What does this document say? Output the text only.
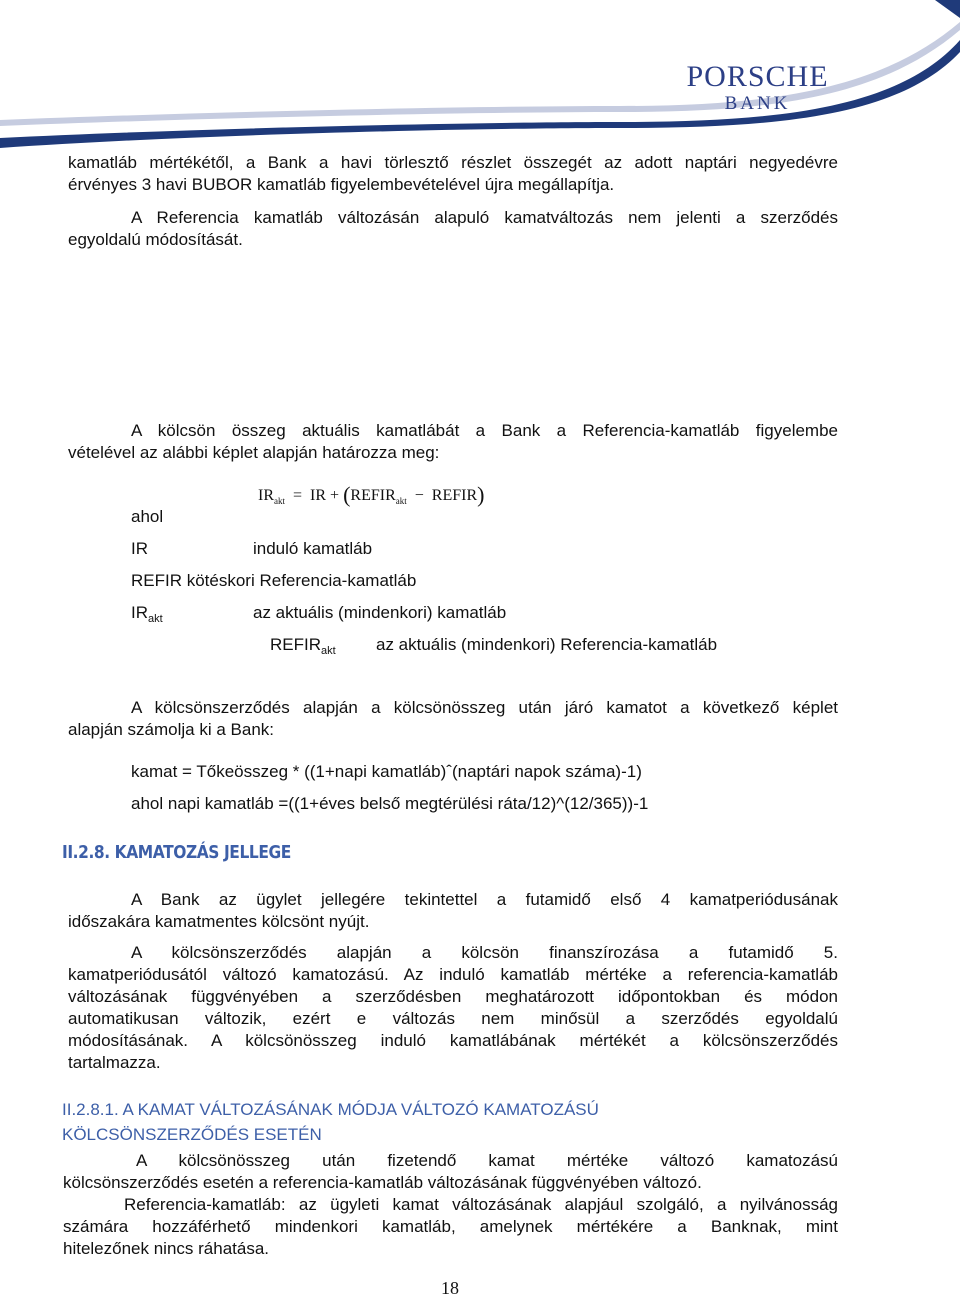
PORSCHE
BANK
kamatláb mértékétől, a Bank a havi törlesztő részlet összegét az adott naptári negyedévre
érvényes 3 havi BUBOR kamatláb figyelembevételével újra megállapítja.
A Referencia kamatláb változásán alapuló kamatváltozás nem jelenti a szerződés
egyoldalú módosítását.
A kölcsön összeg aktuális kamatlábát a Bank a Referencia-kamatláb figyelembe
vételével az alábbi képlet alapján határozza meg:
$IR_{akt}$ = IR + ($REFIR_{akt}$ − REFIR)
ahol
IR	induló kamatláb
REFIR kötéskori Referencia-kamatláb
$IR_{akt}$	az aktuális (mindenkori) kamatláb
$REFIR_{akt}$ az aktuális (mindenkori) Referencia-kamatláb
A kölcsönszerződés alapján a kölcsönösszeg után járó kamatot a következő képlet
alapján számolja ki a Bank:
kamat = Tőkeösszeg * ((1+napi kamatláb)ˆ(naptári napok száma)-1)
ahol napi kamatláb =((1+éves belső megtérülési ráta/12)^(12/365))-1
II.2.8. KAMATOZÁS JELLEGE
A Bank az ügylet jellegére tekintettel a futamidő első 4 kamatperiódusának
időszakára kamatmentes kölcsönt nyújt.
A kölcsönszerződés alapján a kölcsön finanszírozása a futamidő 5.
kamatperiódusától változó kamatozású. Az induló kamatláb mértéke a referencia-kamatláb
változásának függvényében a szerződésben meghatározott időpontokban és módon
automatikusan változik, ezért e változás nem minősül a szerződés egyoldalú
módosításának. A kölcsönösszeg induló kamatlábának mértékét a kölcsönszerződés
tartalmazza.
II.2.8.1. A KAMAT VÁLTOZÁSÁNAK MÓDJA VÁLTOZÓ KAMATOZÁSÚ
KÖLCSÖNSZERZŐDÉS ESETÉN
A kölcsönösszeg után fizetendő kamat mértéke változó kamatozású
kölcsönszerződés esetén a referencia-kamatláb változásának függvényében változó.
Referencia-kamatláb: az ügyleti kamat változásának alapjául szolgáló, a nyilvánosság
számára hozzáférhető mindenkori kamatláb, amelynek mértékére a Banknak, mint
hitelezőnek nincs ráhatása.
18
